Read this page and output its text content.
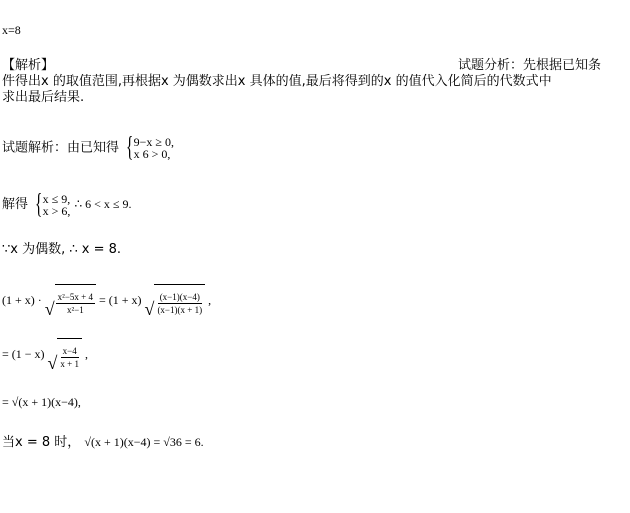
x=8
【解析】	试题分析：先根据已知条
件得出x 的取值范围,再根据x 为偶数求出x 具体的值,最后将得到的x 的值代入化简后的代数式中
求出最后结果.
试题解析：由已知得 { 9−x ≥ 0,
x 6 > 0,
解得 { x ≤ 9,
x > 6, ∴ 6 < x ≤ 9.
∵x 为偶数, ∴ x = 8.
(1 + x) · √ $\frac{\text{x²−5x + 4}}{\text{x²−1}} = (1 + x)$ √ $\frac{(x-1)(x-4)}{(x-1)(x + 1)}$ ,
= (1 − x) √ $\frac{x-4}{x + 1}$ ,
= √(x + 1)(x−4),
当x = 8 时， √(x + 1)(x−4) = √36 = 6.
